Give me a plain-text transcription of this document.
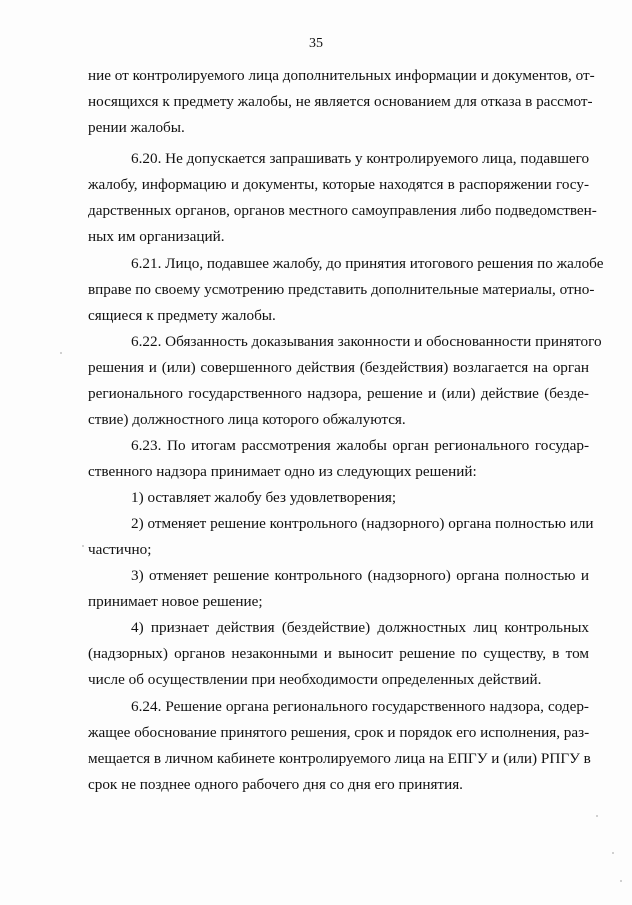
35
ние от контролируемого лица дополнительных информации и документов, от-
носящихся к предмету жалобы, не является основанием для отказа в рассмот-
рении жалобы.
6.20. Не допускается запрашивать у контролируемого лица, подавшего
жалобу, информацию и документы, которые находятся в распоряжении госу-
дарственных органов, органов местного самоуправления либо подведомствен-
ных им организаций.
6.21. Лицо, подавшее жалобу, до принятия итогового решения по жалобе
вправе по своему усмотрению представить дополнительные материалы, отно-
сящиеся к предмету жалобы.
6.22. Обязанность доказывания законности и обоснованности принятого
решения и (или) совершенного действия (бездействия) возлагается на орган
регионального государственного надзора, решение и (или) действие (безде-
ствие) должностного лица которого обжалуются.
6.23. По итогам рассмотрения жалобы орган регионального государ-
ственного надзора принимает одно из следующих решений:
1) оставляет жалобу без удовлетворения;
2) отменяет решение контрольного (надзорного) органа полностью или
частично;
3) отменяет решение контрольного (надзорного) органа полностью и
принимает новое решение;
4) признает действия (бездействие) должностных лиц контрольных
(надзорных) органов незаконными и выносит решение по существу, в том
числе об осуществлении при необходимости определенных действий.
6.24. Решение органа регионального государственного надзора, содер-
жащее обоснование принятого решения, срок и порядок его исполнения, раз-
мещается в личном кабинете контролируемого лица на ЕПГУ и (или) РПГУ в
срок не позднее одного рабочего дня со дня его принятия.
